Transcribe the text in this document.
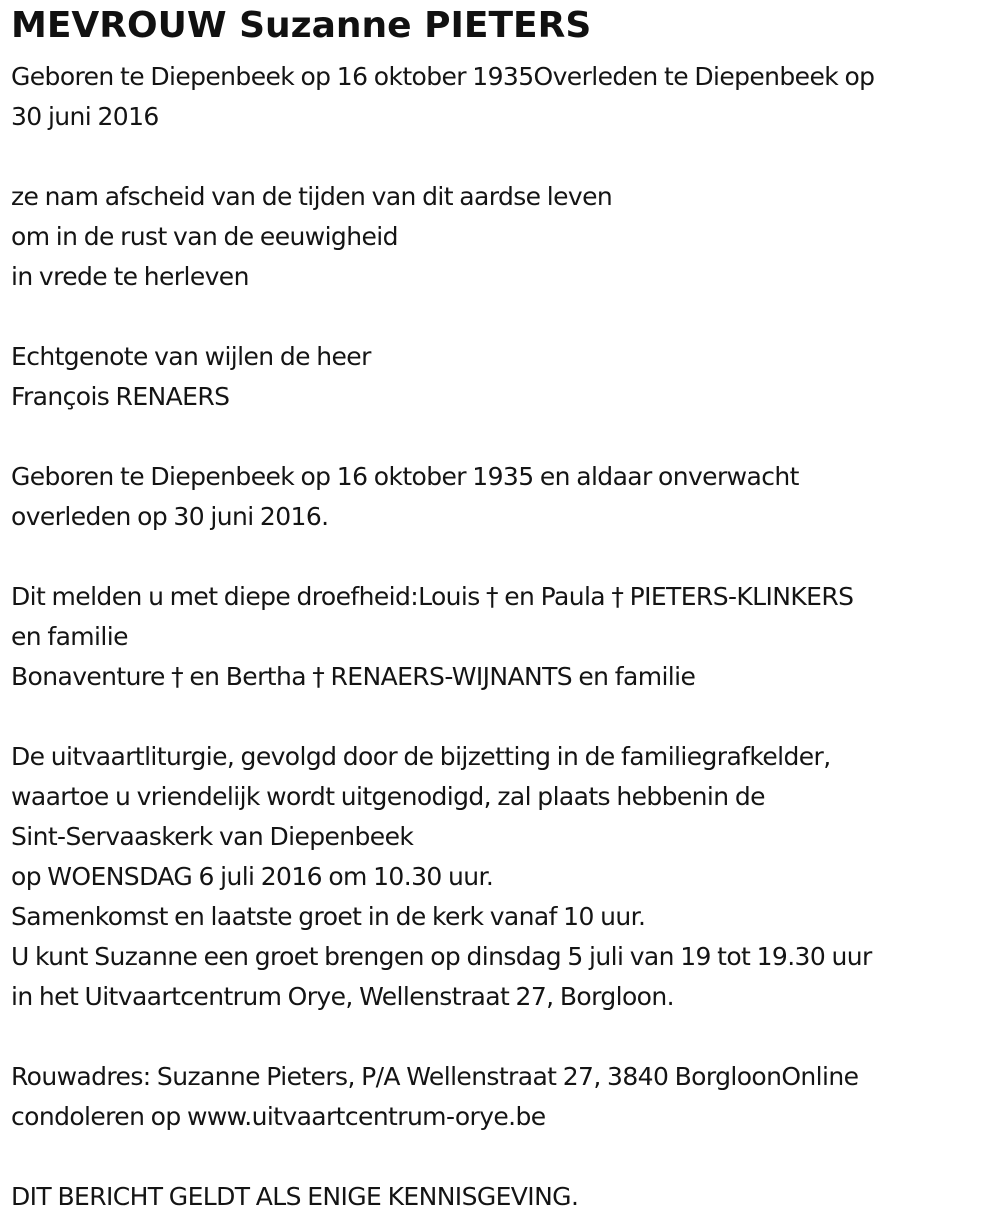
MEVROUW Suzanne PIETERS
Geboren te Diepenbeek op 16 oktober 1935Overleden te Diepenbeek op
30 juni 2016
ze nam afscheid van de tijden van dit aardse leven
om in de rust van de eeuwigheid
in vrede te herleven
Echtgenote van wijlen de heer
François RENAERS
Geboren te Diepenbeek op 16 oktober 1935 en aldaar onverwacht
overleden op 30 juni 2016.
Dit melden u met diepe droefheid:Louis † en Paula † PIETERS-KLINKERS
en familie
Bonaventure † en Bertha † RENAERS-WIJNANTS en familie
De uitvaartliturgie, gevolgd door de bijzetting in de familiegrafkelder,
waartoe u vriendelijk wordt uitgenodigd, zal plaats hebbenin de
Sint-Servaaskerk van Diepenbeek
op WOENSDAG 6 juli 2016 om 10.30 uur.
Samenkomst en laatste groet in de kerk vanaf 10 uur.
U kunt Suzanne een groet brengen op dinsdag 5 juli van 19 tot 19.30 uur
in het Uitvaartcentrum Orye, Wellenstraat 27, Borgloon.
Rouwadres: Suzanne Pieters, P/A Wellenstraat 27, 3840 BorgloonOnline
condoleren op www.uitvaartcentrum-orye.be
DIT BERICHT GELDT ALS ENIGE KENNISGEVING.
